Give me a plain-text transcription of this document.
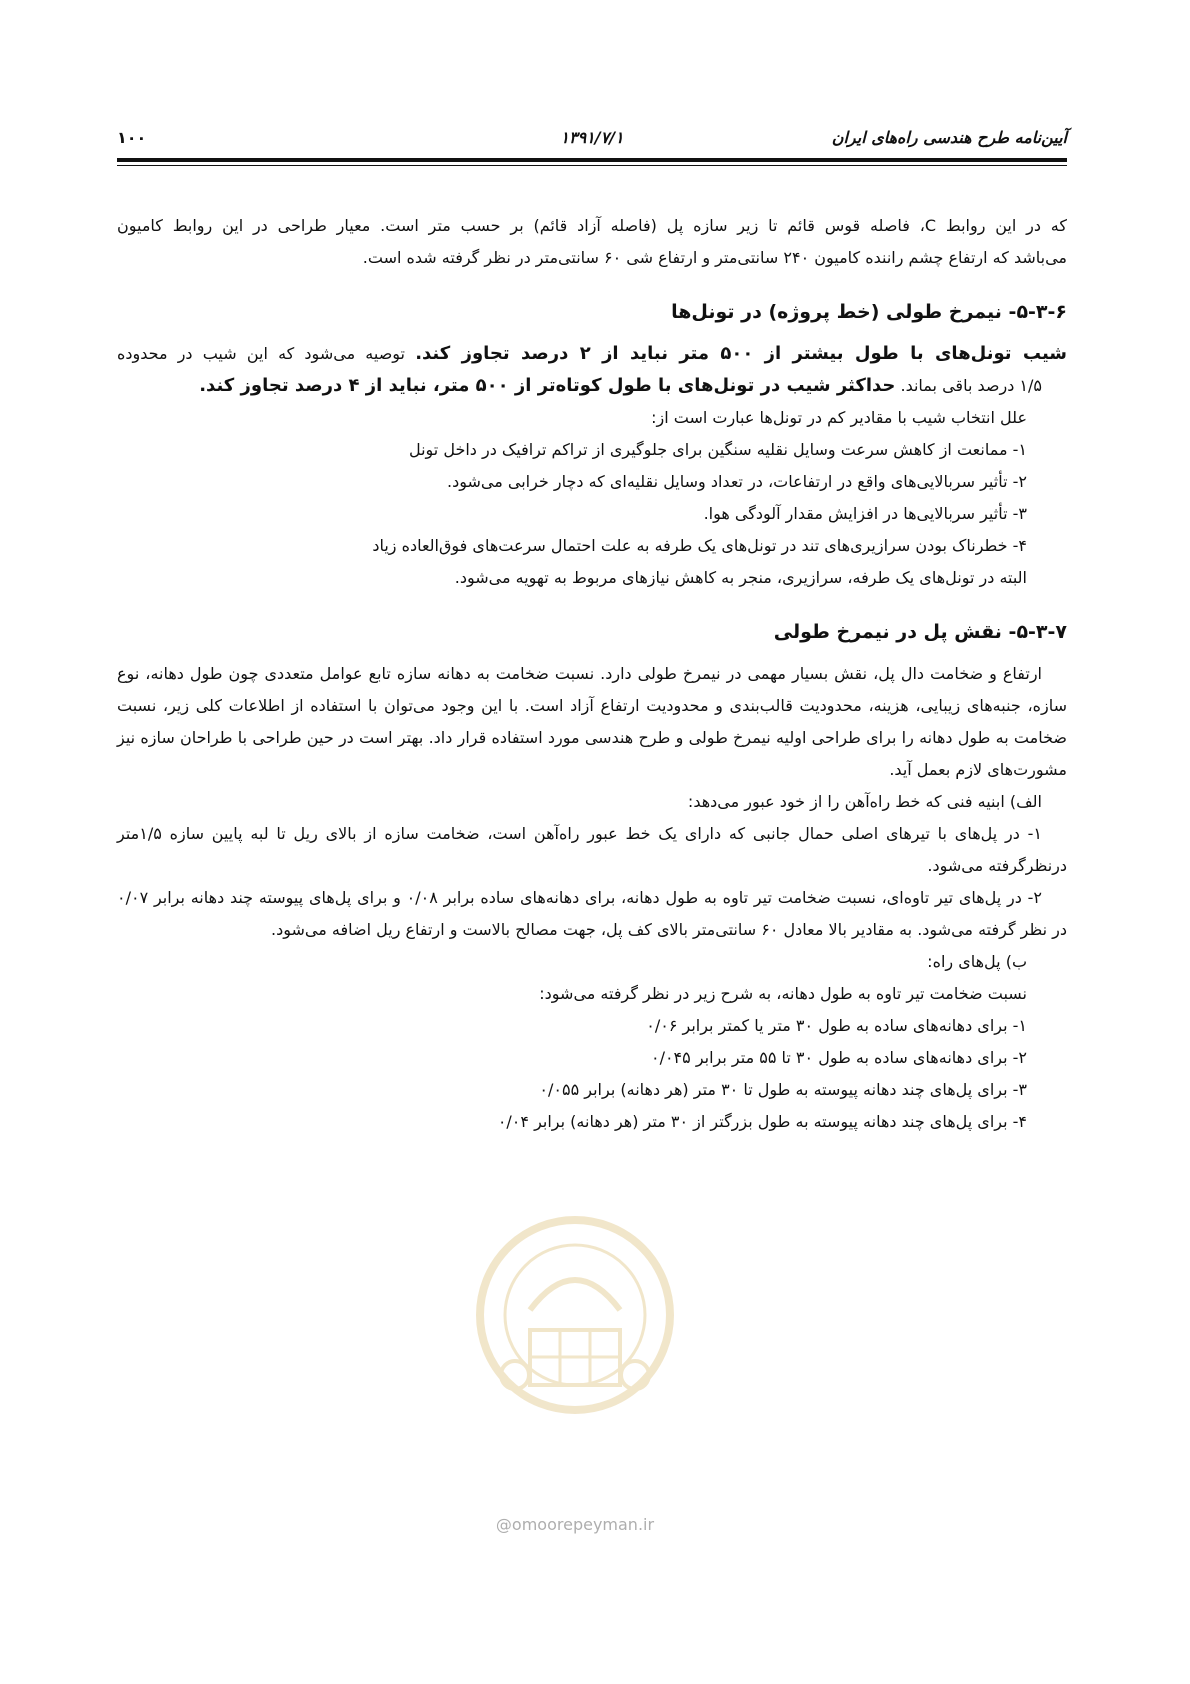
آیین‌نامه طرح هندسی راه‌های ایران
۱۳۹۱/۷/۱
۱۰۰

که در این روابط C، فاصله قوس قائم تا زیر سازه پل (فاصله آزاد قائم) بر حسب متر است. معیار طراحی در این روابط کامیون

می‌باشد که ارتفاع چشم راننده کامیون ۲۴۰ سانتی‌متر و ارتفاع شی ۶۰ سانتی‌متر در نظر گرفته شده است.

۵-۳-۶- نیمرخ طولی (خط پروژه) در تونل‌ها

شیب تونل‌های با طول بیشتر از ۵۰۰ متر نباید از ۲ درصد تجاوز کند. توصیه می‌شود که این شیب در محدوده

۱/۵ درصد باقی بماند. حداکثر شیب در تونل‌های با طول کوتاه‌تر از ۵۰۰ متر، نباید از ۴ درصد تجاوز کند.

علل انتخاب شیب با مقادیر کم در تونل‌ها عبارت است از:

۱- ممانعت از کاهش سرعت وسایل نقلیه سنگین برای جلوگیری از تراکم ترافیک در داخل تونل

۲- تأثیر سربالایی‌های واقع در ارتفاعات، در تعداد وسایل نقلیه‌ای که دچار خرابی می‌شود.

۳- تأثیر سربالایی‌ها در افزایش مقدار آلودگی هوا.

۴- خطرناک بودن سرازیری‌های تند در تونل‌های یک طرفه به علت احتمال سرعت‌های فوق‌العاده زیاد

البته در تونل‌های یک طرفه، سرازیری، منجر به کاهش نیازهای مربوط به تهویه می‌شود.

۵-۳-۷- نقش پل در نیمرخ طولی

ارتفاع و ضخامت دال پل، نقش بسیار مهمی در نیمرخ طولی دارد. نسبت ضخامت به دهانه سازه تابع عوامل متعددی چون طول دهانه، نوع سازه، جنبه‌های زیبایی، هزینه، محدودیت قالب‌بندی و محدودیت ارتفاع آزاد است. با این وجود می‌توان با استفاده از اطلاعات کلی زیر، نسبت ضخامت به طول دهانه را برای طراحی اولیه نیمرخ طولی و طرح هندسی مورد استفاده قرار داد. بهتر است در حین طراحی با طراحان سازه نیز مشورت‌های لازم بعمل آید.

الف) ابنیه فنی که خط راه‌آهن را از خود عبور می‌دهد:

۱- در پل‌های با تیرهای اصلی حمال جانبی که دارای یک خط عبور راه‌آهن است، ضخامت سازه از بالای ریل تا لبه پایین سازه ۱/۵متر درنظرگرفته می‌شود.

۲- در پل‌های تیر تاوه‌ای، نسبت ضخامت تیر تاوه به طول دهانه، برای دهانه‌های ساده برابر ۰/۰۸ و برای پل‌های پیوسته چند دهانه برابر ۰/۰۷ در نظر گرفته می‌شود. به مقادیر بالا معادل ۶۰ سانتی‌متر بالای کف پل، جهت مصالح بالاست و ارتفاع ریل اضافه می‌شود.

ب) پل‌های راه:

نسبت ضخامت تیر تاوه به طول دهانه، به شرح زیر در نظر گرفته می‌شود:

۱- برای دهانه‌های ساده به طول ۳۰ متر یا کمتر برابر ۰/۰۶

۲- برای دهانه‌های ساده به طول ۳۰ تا ۵۵ متر برابر ۰/۰۴۵

۳- برای پل‌های چند دهانه پیوسته به طول تا ۳۰ متر (هر دهانه) برابر ۰/۰۵۵

۴- برای پل‌های چند دهانه پیوسته به طول بزرگتر از ۳۰ متر (هر دهانه) برابر ۰/۰۴

@omoorepeyman.ir
